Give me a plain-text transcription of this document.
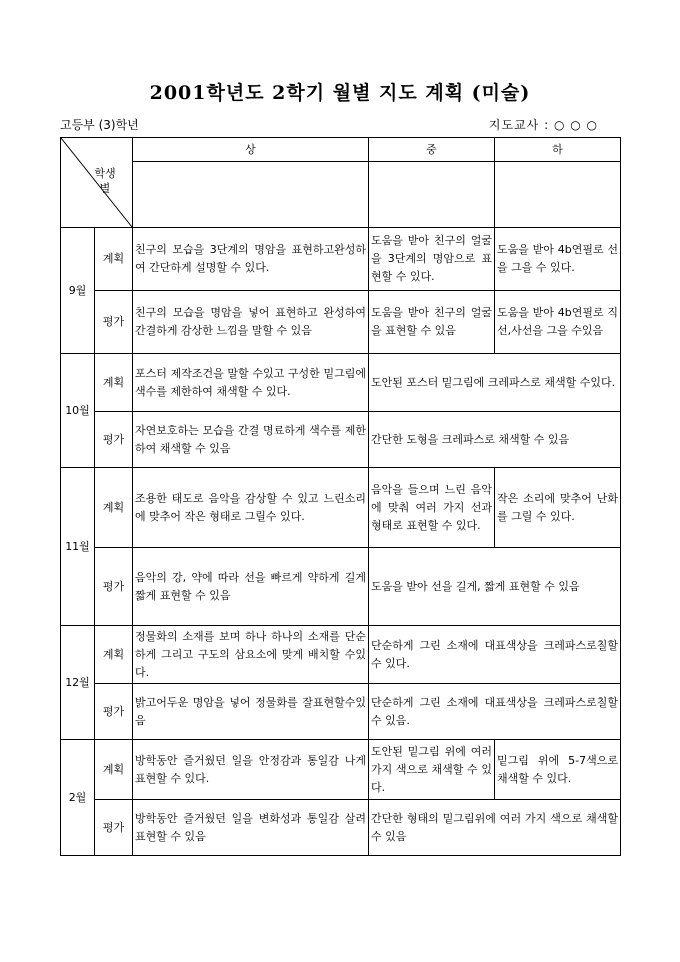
2001학년도 2학기 월별 지도 계획 (미술)
고등부 (3)학년	지도교사 : ○ ○ ○
학생
별		상	중	하

9월	계획	친구의 모습을 3단계의 명암을 표현하고완성하여 간단하게 설명할 수 있다.	도움을 받아 친구의 얼굴을 3단계의 명암으로 표현할 수 있다.	도움을 받아 4b연필로 선을 그을 수 있다.
	평가	친구의 모습을 명암을 넣어 표현하고 완성하여 간결하게 감상한 느낌을 말할 수 있음	도움을 받아 친구의 얼굴을 표현할 수 있음	도움을 받아 4b연필로 직선,사선을 그을 수있음
10월	계획	포스터 제작조건을 말할 수있고 구성한 밑그림에 색수를 제한하여 채색할 수 있다.	도안된 포스터 밑그림에 크레파스로 채색할 수있다.	
	평가	자연보호하는 모습을 간결 명료하게 색수를 제한하여 채색할 수 있음	간단한 도형을 크레파스로 채색할 수 있음	
11월	계획	조용한 태도로 음악을 감상할 수 있고 느린소리에 맞추어 작은 형태로 그릴수 있다.	음악을 들으며 느린 음악에 맞춰 여러 가지 선과 형태로 표현할 수 있다.	작은 소리에 맞추어 난화를 그릴 수 있다.
	평가	음악의 강, 약에 따라 선을 빠르게 약하게 길게 짧게 표현할 수 있음	도움을 받아 선을 길게, 짧게 표현할 수 있음	
12월	계획	정물화의 소재를 보며 하나 하나의 소재를 단순하게 그리고 구도의 삼요소에 맞게 배치할 수있다.	단순하게 그린 소재에 대표색상을 크레파스로칠할 수 있다.	
	평가	밝고어두운 명암을 넣어 정물화를 잘표현할수있음	단순하게 그린 소재에 대표색상을 크레파스로칠할 수 있음.	
2월	계획	방학동안 즐거웠던 일을 안정감과 통일감 나게 표현할 수 있다.	도안된 밑그림 위에 여러 가지 색으로 채색할 수 있다.	밑그림 위에 5-7색으로 채색할 수 있다.
	평가	방학동안 즐거웠던 일을 변화성과 통일감 살려 표현할 수 있음	간단한 형태의 밑그림위에 여러 가지 색으로 채색할 수 있음	
